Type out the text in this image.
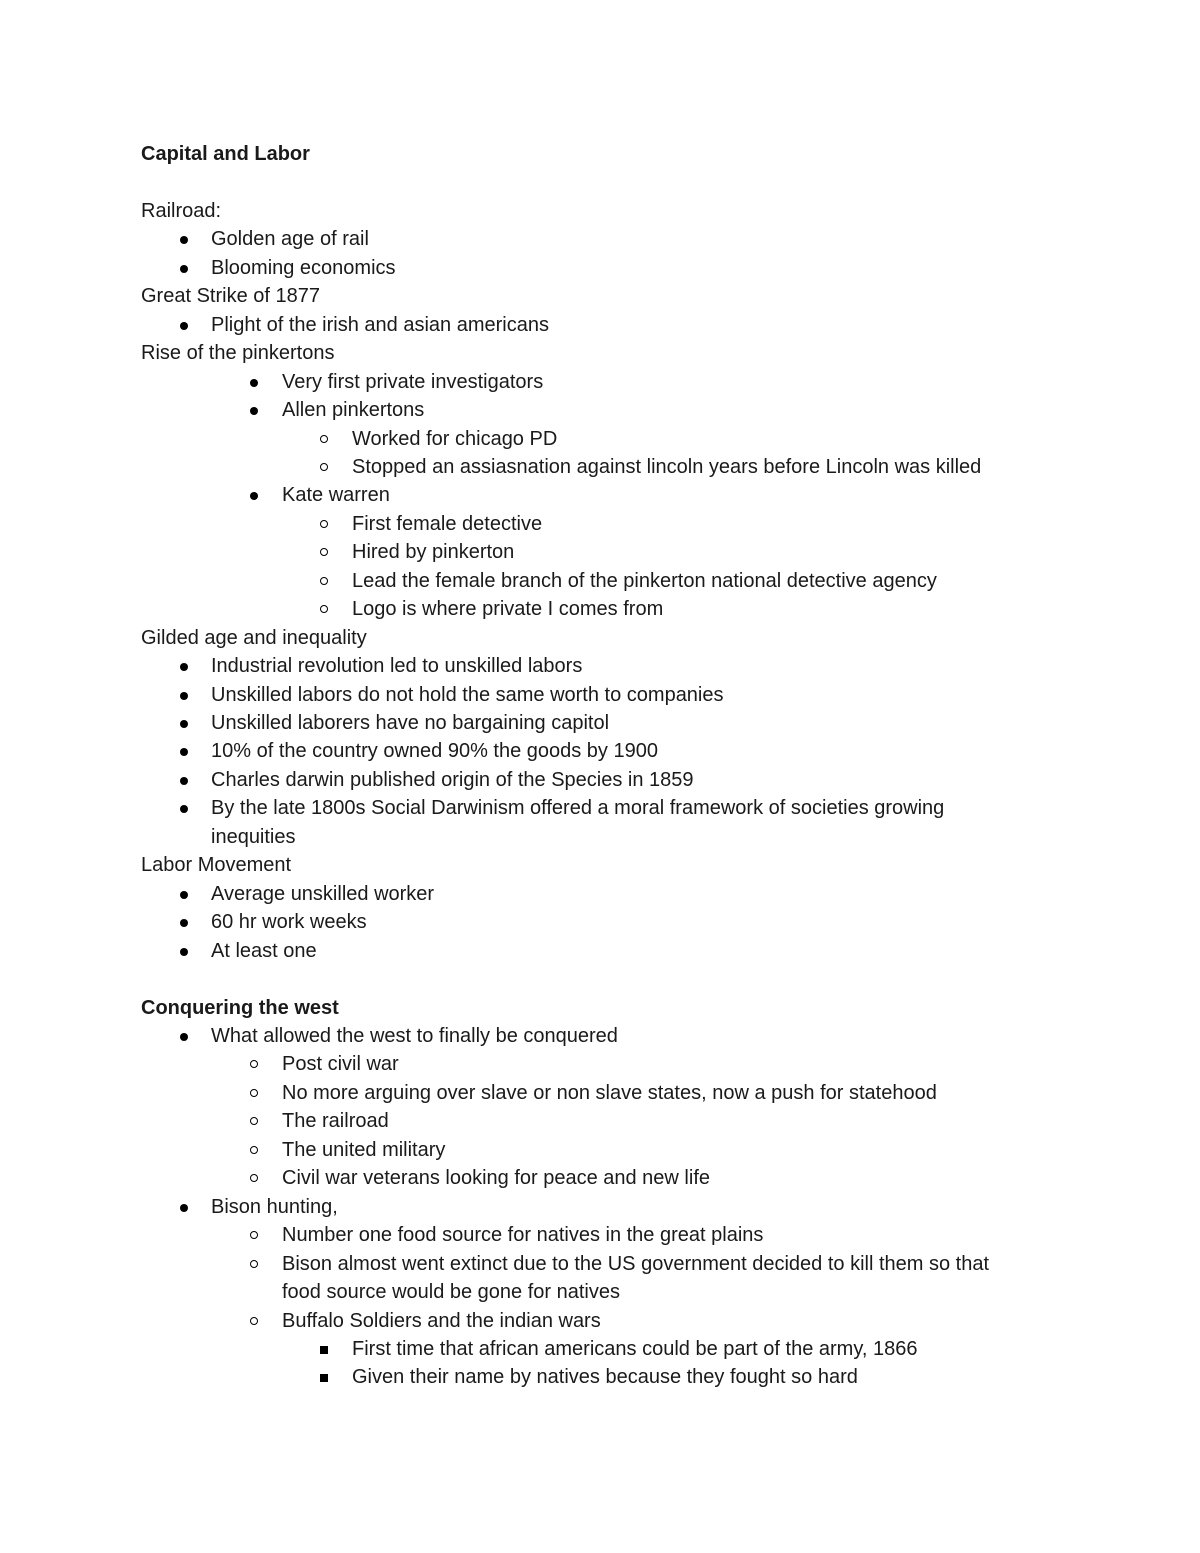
Capital and Labor
Railroad:
Golden age of rail
Blooming economics
Great Strike of 1877
Plight of the irish and asian americans
Rise of the pinkertons
Very first private investigators
Allen pinkertons
Worked for chicago PD
Stopped an assiasnation against lincoln years before Lincoln was killed
Kate warren
First female detective
Hired by pinkerton
Lead the female branch of the pinkerton national detective agency
Logo is where private I comes from
Gilded age and inequality
Industrial revolution led to unskilled labors
Unskilled labors do not hold the same worth to companies
Unskilled laborers have no bargaining capitol
10% of the country owned 90% the goods by 1900
Charles darwin published origin of the Species in 1859
By the late 1800s Social Darwinism offered a moral framework of societies growing
inequities
Labor Movement
Average unskilled worker
60 hr work weeks
At least one
Conquering the west
What allowed the west to finally be conquered
Post civil war
No more arguing over slave or non slave states, now a push for statehood
The railroad
The united military
Civil war veterans looking for peace and new life
Bison hunting,
Number one food source for natives in the great plains
Bison almost went extinct due to the US government decided to kill them so that
food source would be gone for natives
Buffalo Soldiers and the indian wars
First time that african americans could be part of the army, 1866
Given their name by natives because they fought so hard
